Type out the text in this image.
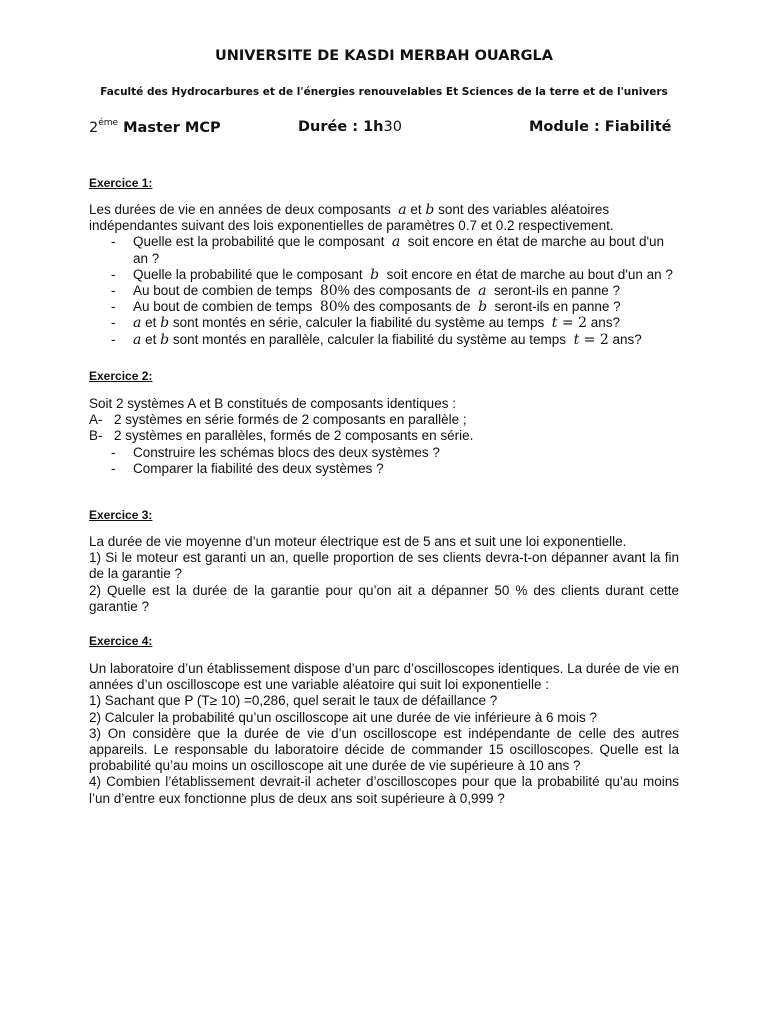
UNIVERSITE DE KASDI MERBAH OUARGLA
Faculté des Hydrocarbures et de l'énergies renouvelables Et Sciences de la terre et de l'univers
$2^{éme}$ Master MCP	Durée : 1h30	Module : Fiabilité
Exercice 1:

Les durées de vie en années de deux composants  a et b sont des variables aléatoires

indépendantes suivant des lois exponentielles de paramètres 0.7 et 0.2 respectivement.

- Quelle est la probabilité que le composant  a  soit encore en état de marche au bout d'un an ?
- Quelle la probabilité que le composant  b  soit encore en état de marche au bout d'un an ?
- Au bout de combien de temps  80% des composants de  a  seront-ils en panne ?
- Au bout de combien de temps  80% des composants de  b  seront-ils en panne ?
- a et b sont montés en série, calculer la fiabilité du système au temps  t = 2 ans?
- a et b sont montés en parallèle, calculer la fiabilité du système au temps  t = 2 ans?
Exercice 2:

Soit 2 systèmes A et B constitués de composants identiques :

A- 2 systèmes en série formés de 2 composants en parallèle ;
B- 2 systèmes en parallèles, formés de 2 composants en série.
- Construire les schémas blocs des deux systèmes ?
- Comparer la fiabilité des deux systèmes ?
Exercice 3:

La durée de vie moyenne d’un moteur électrique est de 5 ans et suit une loi exponentielle.

1) Si le moteur est garanti un an, quelle proportion de ses clients devra-t-on dépanner avant la fin de la garantie ?

2) Quelle est la durée de la garantie pour qu’on ait a dépanner 50 % des clients durant cette garantie ?

Exercice 4:

Un laboratoire d’un établissement dispose d’un parc d’oscilloscopes identiques. La durée de vie en années d’un oscilloscope est une variable aléatoire qui suit loi exponentielle :

1) Sachant que P (T≥ 10) =0,286, quel serait le taux de défaillance ?

2) Calculer la probabilité qu’un oscilloscope ait une durée de vie inférieure à 6 mois ?

3) On considère que la durée de vie d’un oscilloscope est indépendante de celle des autres appareils. Le responsable du laboratoire décide de commander 15 oscilloscopes. Quelle est la probabilité qu’au moins un oscilloscope ait une durée de vie supérieure à 10 ans ?

4) Combien l’établissement devrait-il acheter d’oscilloscopes pour que la probabilité qu’au moins l’un d’entre eux fonctionne plus de deux ans soit supérieure à 0,999 ?
